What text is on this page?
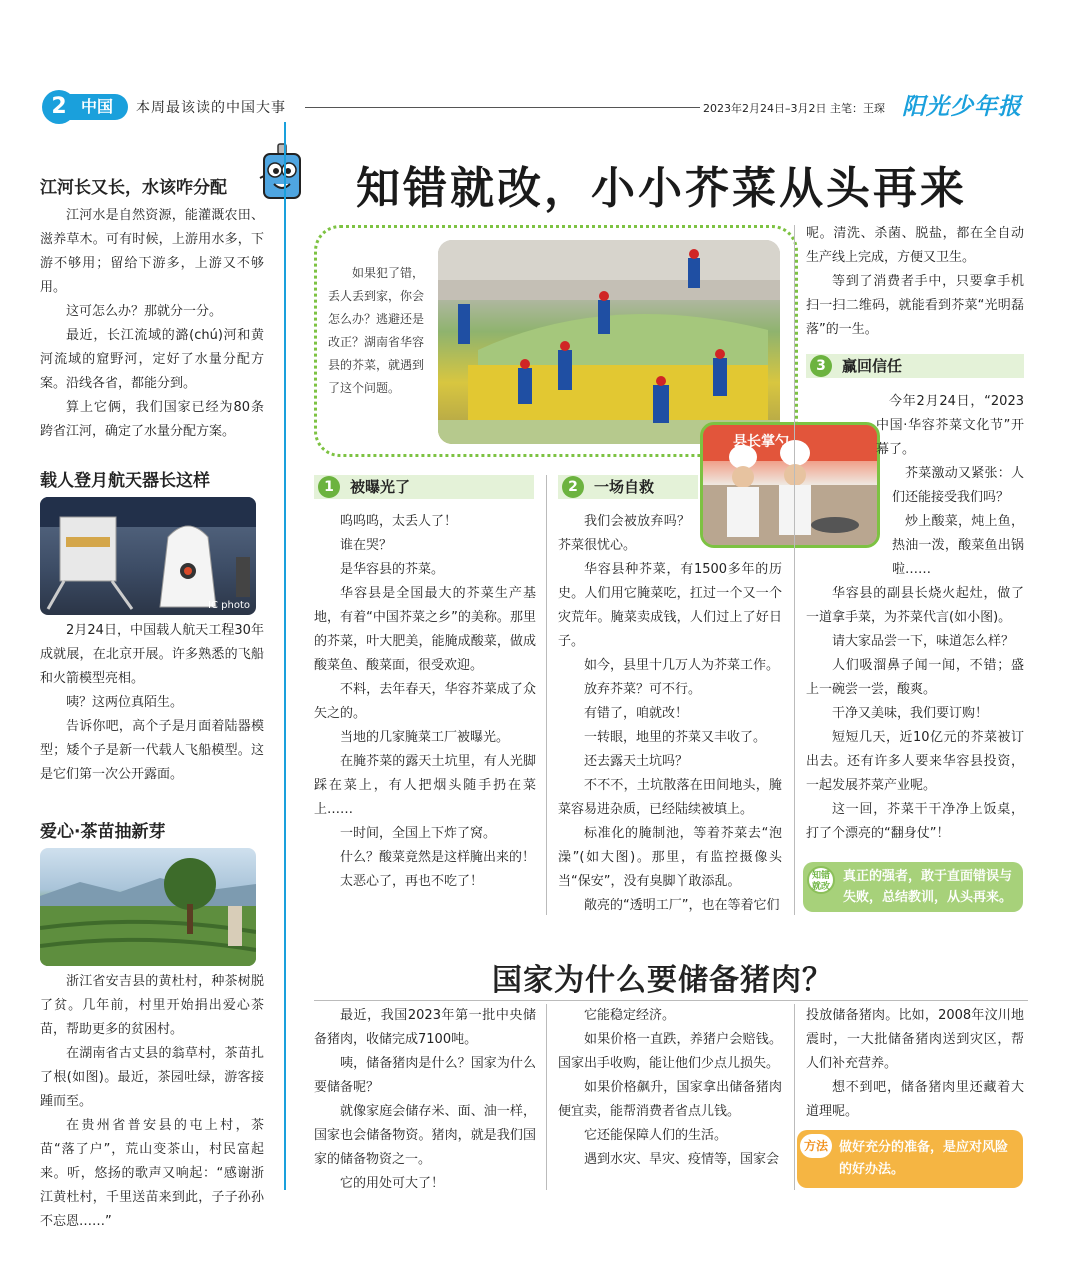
中国
2	本周最该读的中国大事	2023年2月24日–3月2日 主笔：王琛 阳光少年报
江河长又长，水该咋分配

江河水是自然资源，能灌溉农田、滋养草木。可有时候，上游用水多，下游不够用；留给下游多，上游又不够用。

这可怎么办？那就分一分。

最近，长江流域的潞(chú)河和黄河流域的窟野河，定好了水量分配方案。沿线各省，都能分到。

算上它俩，我们国家已经为80条跨省江河，确定了水量分配方案。

载人登月航天器长这样
IC photo

2月24日，中国载人航天工程30年成就展，在北京开展。许多熟悉的飞船和火箭模型亮相。

咦？这两位真陌生。

告诉你吧，高个子是月面着陆器模型；矮个子是新一代载人飞船模型。这是它们第一次公开露面。

爱心·茶苗抽新芽

浙江省安吉县的黄杜村，种茶树脱了贫。几年前，村里开始捐出爱心茶苗，帮助更多的贫困村。

在湖南省古丈县的翁草村，茶苗扎了根(如图)。最近，茶园吐绿，游客接踵而至。

在贵州省普安县的屯上村，茶苗“落了户”，荒山变茶山，村民富起来。听，悠扬的歌声又响起：“感谢浙江黄杜村，千里送苗来到此，子子孙孙不忘恩……”

知错就改，小小芥菜从头再来
如果犯了错，丢人丢到家，你会怎么办？逃避还是改正？湖南省华容县的芥菜，就遇到了这个问题。
县长掌勺
1	被曝光了

呜呜呜，太丢人了！

谁在哭？

是华容县的芥菜。

华容县是全国最大的芥菜生产基地，有着“中国芥菜之乡”的美称。那里的芥菜，叶大肥美，能腌成酸菜，做成酸菜鱼、酸菜面，很受欢迎。

不料，去年春天，华容芥菜成了众矢之的。

当地的几家腌菜工厂被曝光。

在腌芥菜的露天土坑里，有人光脚踩在菜上，有人把烟头随手扔在菜上……

一时间，全国上下炸了窝。

什么？酸菜竟然是这样腌出来的！

太恶心了，再也不吃了！

2	一场自救

我们会被放弃吗？芥菜很忧心。

华容县种芥菜，有1500多年的历史。人们用它腌菜吃，扛过一个又一个灾荒年。腌菜卖成钱，人们过上了好日子。

如今，县里十几万人为芥菜工作。

放弃芥菜？可不行。

有错了，咱就改！

一转眼，地里的芥菜又丰收了。

还去露天土坑吗？

不不不，土坑散落在田间地头，腌菜容易进杂质，已经陆续被填上。

标准化的腌制池，等着芥菜去“泡澡”(如大图)。那里，有监控摄像头当“保安”，没有臭脚丫敢添乱。

敞亮的“透明工厂”，也在等着它们

呢。清洗、杀菌、脱盐，都在全自动生产线上完成，方便又卫生。

等到了消费者手中，只要拿手机扫一扫二维码，就能看到芥菜“光明磊落”的一生。

3	赢回信任

今年2月24日，“2023中国·华容芥菜文化节”开幕了。

芥菜激动又紧张：人们还能接受我们吗？

炒上酸菜，炖上鱼，热油一泼，酸菜鱼出锅啦……

华容县的副县长烧火起灶，做了一道拿手菜，为芥菜代言(如小图)。

请大家品尝一下，味道怎么样？

人们吸溜鼻子闻一闻，不错；盛上一碗尝一尝，酸爽。

干净又美味，我们要订购！

短短几天，近10亿元的芥菜被订出去。还有许多人要来华容县投资，一起发展芥菜产业呢。

这一回，芥菜干干净净上饭桌，打了个漂亮的“翻身仗”！

知错就改
真正的强者，敢于直面错误与失败，总结教训，从头再来。
国家为什么要储备猪肉？

最近，我国2023年第一批中央储备猪肉，收储完成7100吨。

咦，储备猪肉是什么？国家为什么要储备呢？

就像家庭会储存米、面、油一样，国家也会储备物资。猪肉，就是我们国家的储备物资之一。

它的用处可大了！

它能稳定经济。

如果价格一直跌，养猪户会赔钱。国家出手收购，能让他们少点儿损失。

如果价格飙升，国家拿出储备猪肉便宜卖，能帮消费者省点儿钱。

它还能保障人们的生活。

遇到水灾、旱灾、疫情等，国家会

投放储备猪肉。比如，2008年汶川地震时，一大批储备猪肉送到灾区，帮人们补充营养。

想不到吧，储备猪肉里还藏着大道理呢。

方法 做好充分的准备，是应对风险的好办法。
